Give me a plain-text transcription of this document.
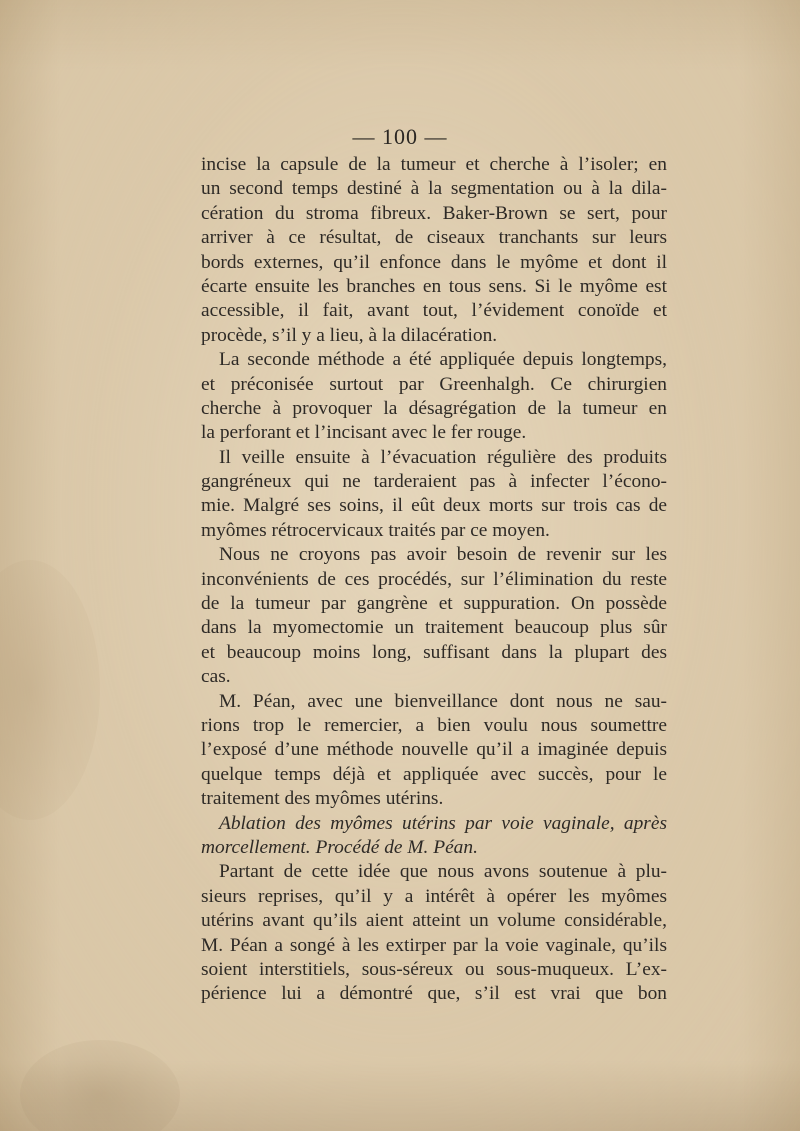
— 100 —
incise la capsule de la tumeur et cherche à l’isoler; en
un second temps destiné à la segmentation ou à la dila-
cération du stroma fibreux. Baker-Brown se sert, pour
arriver à ce résultat, de ciseaux tranchants sur leurs
bords externes, qu’il enfonce dans le myôme et dont il
écarte ensuite les branches en tous sens. Si le myôme est
accessible, il fait, avant tout, l’évidement conoïde et
procède, s’il y a lieu, à la dilacération.
La seconde méthode a été appliquée depuis longtemps,
et préconisée surtout par Greenhalgh. Ce chirurgien
cherche à provoquer la désagrégation de la tumeur en
la perforant et l’incisant avec le fer rouge.
Il veille ensuite à l’évacuation régulière des produits
gangréneux qui ne tarderaient pas à infecter l’écono-
mie. Malgré ses soins, il eût deux morts sur trois cas de
myômes rétrocervicaux traités par ce moyen.
Nous ne croyons pas avoir besoin de revenir sur les
inconvénients de ces procédés, sur l’élimination du reste
de la tumeur par gangrène et suppuration. On possède
dans la myomectomie un traitement beaucoup plus sûr
et beaucoup moins long, suffisant dans la plupart des
cas.
M. Péan, avec une bienveillance dont nous ne sau-
rions trop le remercier, a bien voulu nous soumettre
l’exposé d’une méthode nouvelle qu’il a imaginée depuis
quelque temps déjà et appliquée avec succès, pour le
traitement des myômes utérins.
Ablation des myômes utérins par voie vaginale, après
morcellement. Procédé de M. Péan.
Partant de cette idée que nous avons soutenue à plu-
sieurs reprises, qu’il y a intérêt à opérer les myômes
utérins avant qu’ils aient atteint un volume considérable,
M. Péan a songé à les extirper par la voie vaginale, qu’ils
soient interstitiels, sous-séreux ou sous-muqueux. L’ex-
périence lui a démontré que, s’il est vrai que bon
